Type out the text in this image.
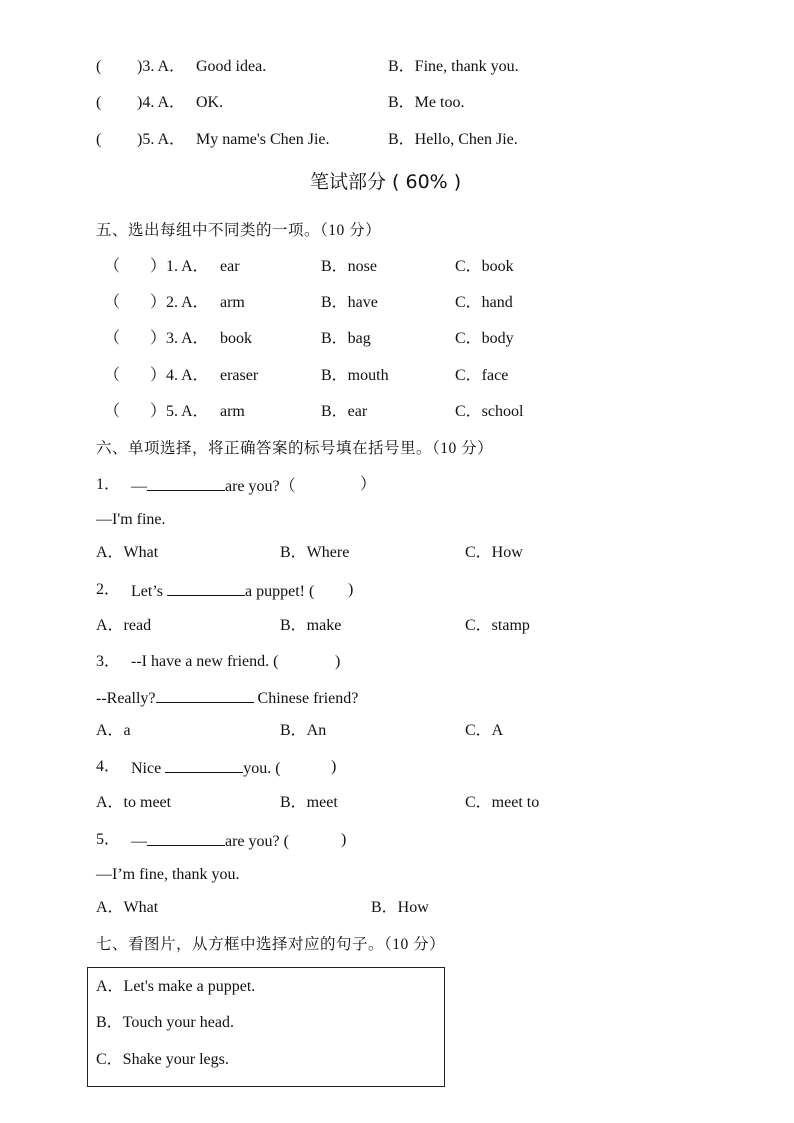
( )3. A． Good idea.	B．Fine, thank you.
( )4. A． OK.	B．Me too.
( )5. A． My name's Chen Jie.	B．Hello, Chen Jie.
笔试部分 ( 60% )
五、选出每组中不同类的一项。（10 分）
（ ）1. A． ear	B．nose	C．book
（ ）2. A． arm	B．have	C．hand
（ ）3. A． book	B．bag	C．body
（ ）4. A． eraser	B．mouth	C．face
（ ）5. A． arm	B．ear	C．school
六、单项选择，将正确答案的标号填在括号里。（10 分）
1． —	are you?（	）
—I'm fine.
A．What	B．Where	C．How
2． Let’s	a puppet! ( )
A．read	B．make	C．stamp
3． --I have a new friend. (	)
--Really?	Chinese friend?
A．a	B．An	C．A
4． Nice	you. (	)
A．to meet	B．meet	C．meet to
5． —	are you? (	)
—I’m fine, thank you.
A．What	B．How
七、看图片，从方框中选择对应的句子。（10 分）
A．Let's make a puppet.
B．Touch your head.
C．Shake your legs.
